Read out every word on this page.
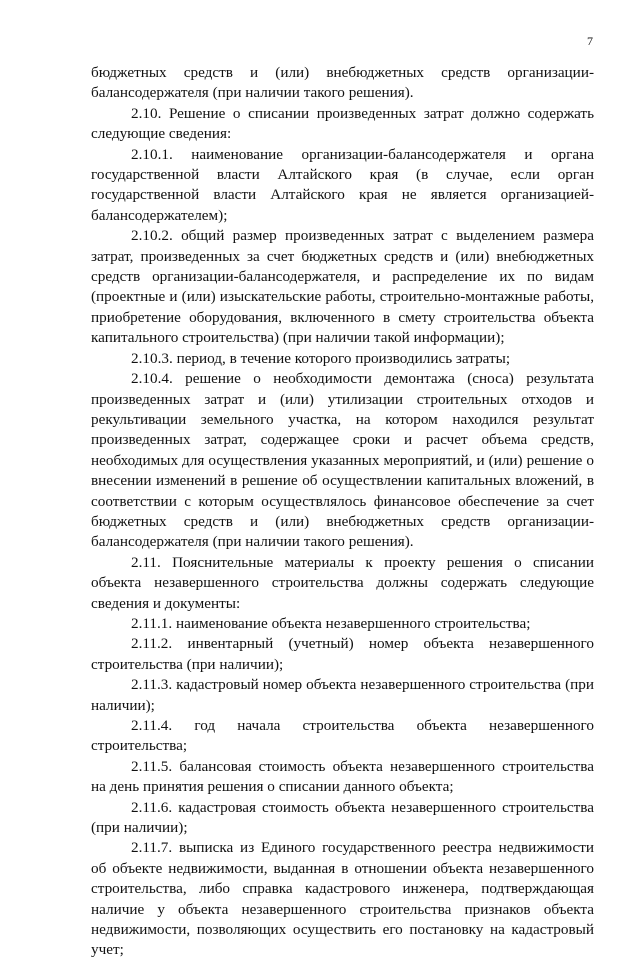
7

бюджетных средств и (или) внебюджетных средств организации-балансодержателя (при наличии такого решения).

2.10. Решение о списании произведенных затрат должно содержать следующие сведения:

2.10.1. наименование организации-балансодержателя и органа государственной власти Алтайского края (в случае, если орган государственной власти Алтайского края не является организацией-балансодержателем);

2.10.2. общий размер произведенных затрат с выделением размера затрат, произведенных за счет бюджетных средств и (или) внебюджетных средств организации-балансодержателя, и распределение их по видам (проектные и (или) изыскательские работы, строительно-монтажные работы, приобретение оборудования, включенного в смету строительства объекта капитального строительства) (при наличии такой информации);

2.10.3. период, в течение которого производились затраты;

2.10.4. решение о необходимости демонтажа (сноса) результата произведенных затрат и (или) утилизации строительных отходов и рекультивации земельного участка, на котором находился результат произведенных затрат, содержащее сроки и расчет объема средств, необходимых для осуществления указанных мероприятий, и (или) решение о внесении изменений в решение об осуществлении капитальных вложений, в соответствии с которым осуществлялось финансовое обеспечение за счет бюджетных средств и (или) внебюджетных средств организации-балансодержателя (при наличии такого решения).

2.11. Пояснительные материалы к проекту решения о списании объекта незавершенного строительства должны содержать следующие сведения и документы:

2.11.1. наименование объекта незавершенного строительства;

2.11.2. инвентарный (учетный) номер объекта незавершенного строительства (при наличии);

2.11.3. кадастровый номер объекта незавершенного строительства (при наличии);

2.11.4. год начала строительства объекта незавершенного строительства;

2.11.5. балансовая стоимость объекта незавершенного строительства на день принятия решения о списании данного объекта;

2.11.6. кадастровая стоимость объекта незавершенного строительства (при наличии);

2.11.7. выписка из Единого государственного реестра недвижимости об объекте недвижимости, выданная в отношении объекта незавершенного строительства, либо справка кадастрового инженера, подтверждающая наличие у объекта незавершенного строительства признаков объекта недвижимости, позволяющих осуществить его постановку на кадастровый учет;
